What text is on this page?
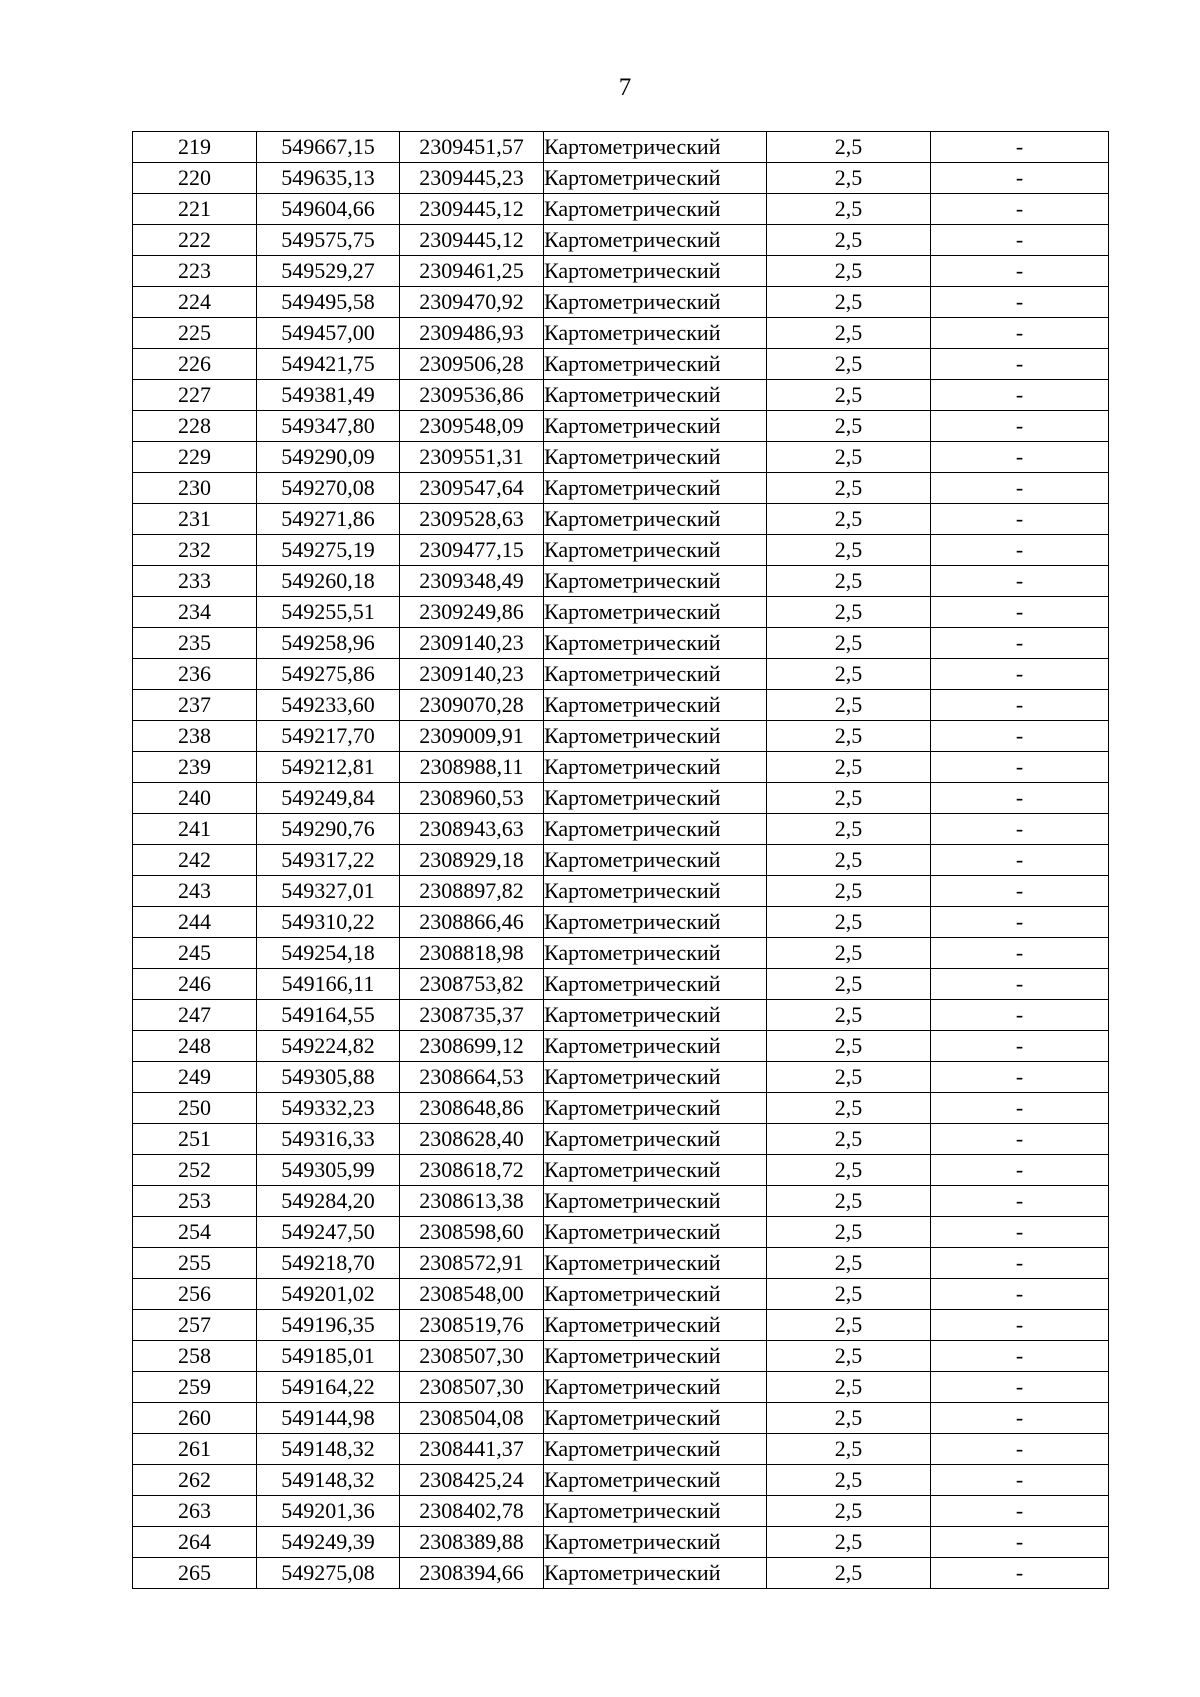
7
219	549667,15	2309451,57	Картометрический	2,5	-
220	549635,13	2309445,23	Картометрический	2,5	-
221	549604,66	2309445,12	Картометрический	2,5	-
222	549575,75	2309445,12	Картометрический	2,5	-
223	549529,27	2309461,25	Картометрический	2,5	-
224	549495,58	2309470,92	Картометрический	2,5	-
225	549457,00	2309486,93	Картометрический	2,5	-
226	549421,75	2309506,28	Картометрический	2,5	-
227	549381,49	2309536,86	Картометрический	2,5	-
228	549347,80	2309548,09	Картометрический	2,5	-
229	549290,09	2309551,31	Картометрический	2,5	-
230	549270,08	2309547,64	Картометрический	2,5	-
231	549271,86	2309528,63	Картометрический	2,5	-
232	549275,19	2309477,15	Картометрический	2,5	-
233	549260,18	2309348,49	Картометрический	2,5	-
234	549255,51	2309249,86	Картометрический	2,5	-
235	549258,96	2309140,23	Картометрический	2,5	-
236	549275,86	2309140,23	Картометрический	2,5	-
237	549233,60	2309070,28	Картометрический	2,5	-
238	549217,70	2309009,91	Картометрический	2,5	-
239	549212,81	2308988,11	Картометрический	2,5	-
240	549249,84	2308960,53	Картометрический	2,5	-
241	549290,76	2308943,63	Картометрический	2,5	-
242	549317,22	2308929,18	Картометрический	2,5	-
243	549327,01	2308897,82	Картометрический	2,5	-
244	549310,22	2308866,46	Картометрический	2,5	-
245	549254,18	2308818,98	Картометрический	2,5	-
246	549166,11	2308753,82	Картометрический	2,5	-
247	549164,55	2308735,37	Картометрический	2,5	-
248	549224,82	2308699,12	Картометрический	2,5	-
249	549305,88	2308664,53	Картометрический	2,5	-
250	549332,23	2308648,86	Картометрический	2,5	-
251	549316,33	2308628,40	Картометрический	2,5	-
252	549305,99	2308618,72	Картометрический	2,5	-
253	549284,20	2308613,38	Картометрический	2,5	-
254	549247,50	2308598,60	Картометрический	2,5	-
255	549218,70	2308572,91	Картометрический	2,5	-
256	549201,02	2308548,00	Картометрический	2,5	-
257	549196,35	2308519,76	Картометрический	2,5	-
258	549185,01	2308507,30	Картометрический	2,5	-
259	549164,22	2308507,30	Картометрический	2,5	-
260	549144,98	2308504,08	Картометрический	2,5	-
261	549148,32	2308441,37	Картометрический	2,5	-
262	549148,32	2308425,24	Картометрический	2,5	-
263	549201,36	2308402,78	Картометрический	2,5	-
264	549249,39	2308389,88	Картометрический	2,5	-
265	549275,08	2308394,66	Картометрический	2,5	-
